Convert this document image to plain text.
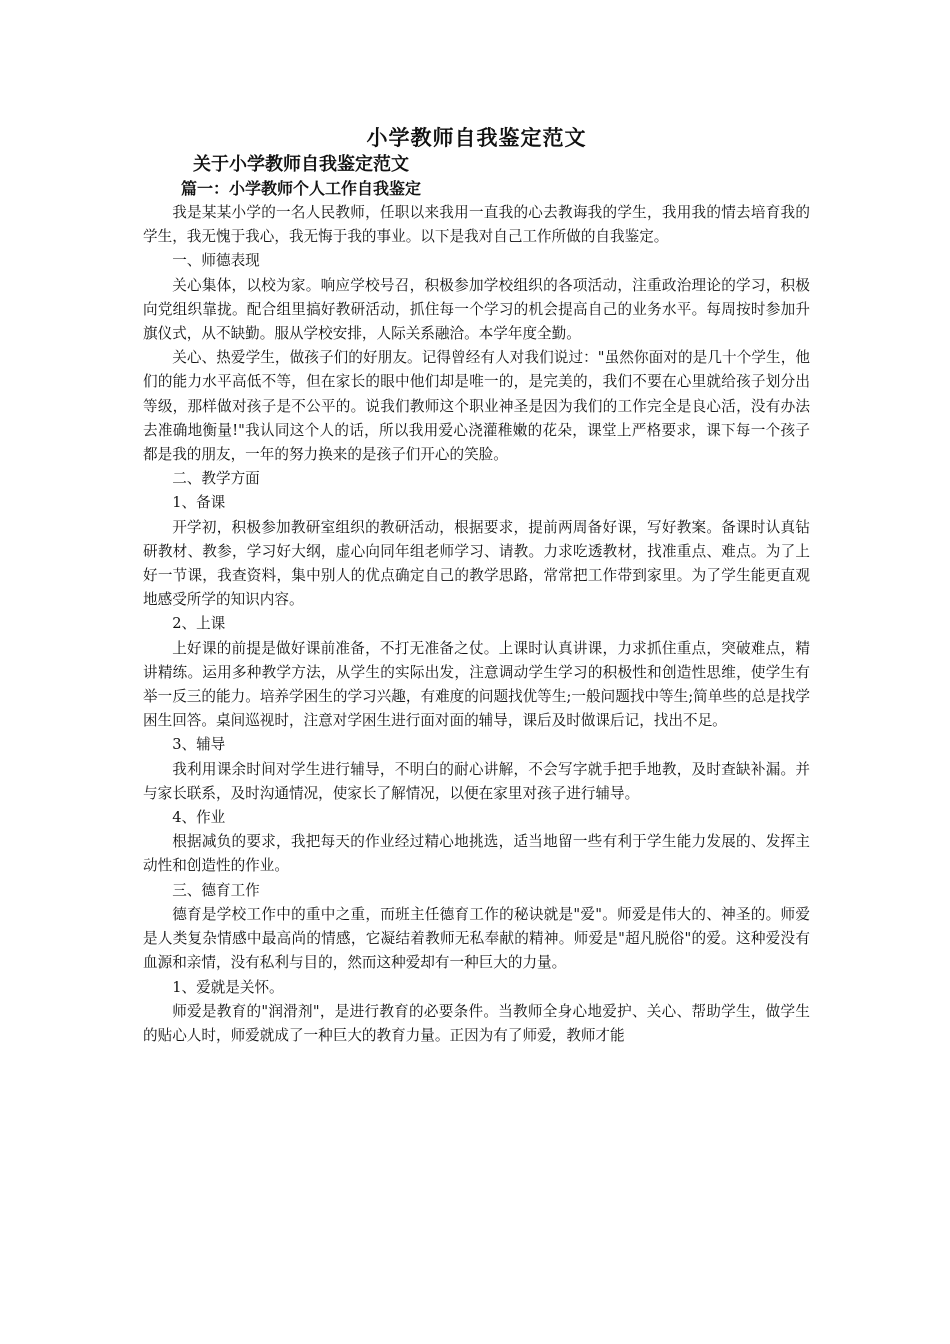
小学教师自我鉴定范文
关于小学教师自我鉴定范文
篇一：小学教师个人工作自我鉴定

我是某某小学的一名人民教师，任职以来我用一直我的心去教诲我的学生，我用我的情去培育我的学生，我无愧于我心，我无悔于我的事业。以下是我对自己工作所做的自我鉴定。

一、师德表现

关心集体，以校为家。响应学校号召，积极参加学校组织的各项活动，注重政治理论的学习，积极向党组织靠拢。配合组里搞好教研活动，抓住每一个学习的机会提高自己的业务水平。每周按时参加升旗仪式，从不缺勤。服从学校安排，人际关系融洽。本学年度全勤。

关心、热爱学生，做孩子们的好朋友。记得曾经有人对我们说过："虽然你面对的是几十个学生，他们的能力水平高低不等，但在家长的眼中他们却是唯一的，是完美的，我们不要在心里就给孩子划分出等级，那样做对孩子是不公平的。说我们教师这个职业神圣是因为我们的工作完全是良心活，没有办法去准确地衡量!"我认同这个人的话，所以我用爱心浇灌稚嫩的花朵，课堂上严格要求，课下每一个孩子都是我的朋友，一年的努力换来的是孩子们开心的笑脸。

二、教学方面

1、备课

开学初，积极参加教研室组织的教研活动，根据要求，提前两周备好课，写好教案。备课时认真钻研教材、教参，学习好大纲，虚心向同年组老师学习、请教。力求吃透教材，找准重点、难点。为了上好一节课，我查资料，集中别人的优点确定自己的教学思路，常常把工作带到家里。为了学生能更直观地感受所学的知识内容。

2、上课

上好课的前提是做好课前准备，不打无准备之仗。上课时认真讲课，力求抓住重点，突破难点，精讲精练。运用多种教学方法，从学生的实际出发，注意调动学生学习的积极性和创造性思维，使学生有举一反三的能力。培养学困生的学习兴趣，有难度的问题找优等生;一般问题找中等生;简单些的总是找学困生回答。桌间巡视时，注意对学困生进行面对面的辅导，课后及时做课后记，找出不足。

3、辅导

我利用课余时间对学生进行辅导，不明白的耐心讲解，不会写字就手把手地教，及时查缺补漏。并与家长联系，及时沟通情况，使家长了解情况，以便在家里对孩子进行辅导。

4、作业

根据减负的要求，我把每天的作业经过精心地挑选，适当地留一些有利于学生能力发展的、发挥主动性和创造性的作业。

三、德育工作

德育是学校工作中的重中之重，而班主任德育工作的秘诀就是"爱"。师爱是伟大的、神圣的。师爱是人类复杂情感中最高尚的情感，它凝结着教师无私奉献的精神。师爱是"超凡脱俗"的爱。这种爱没有血源和亲情，没有私利与目的，然而这种爱却有一种巨大的力量。

1、爱就是关怀。

师爱是教育的"润滑剂"，是进行教育的必要条件。当教师全身心地爱护、关心、帮助学生，做学生的贴心人时，师爱就成了一种巨大的教育力量。正因为有了师爱，教师才能
